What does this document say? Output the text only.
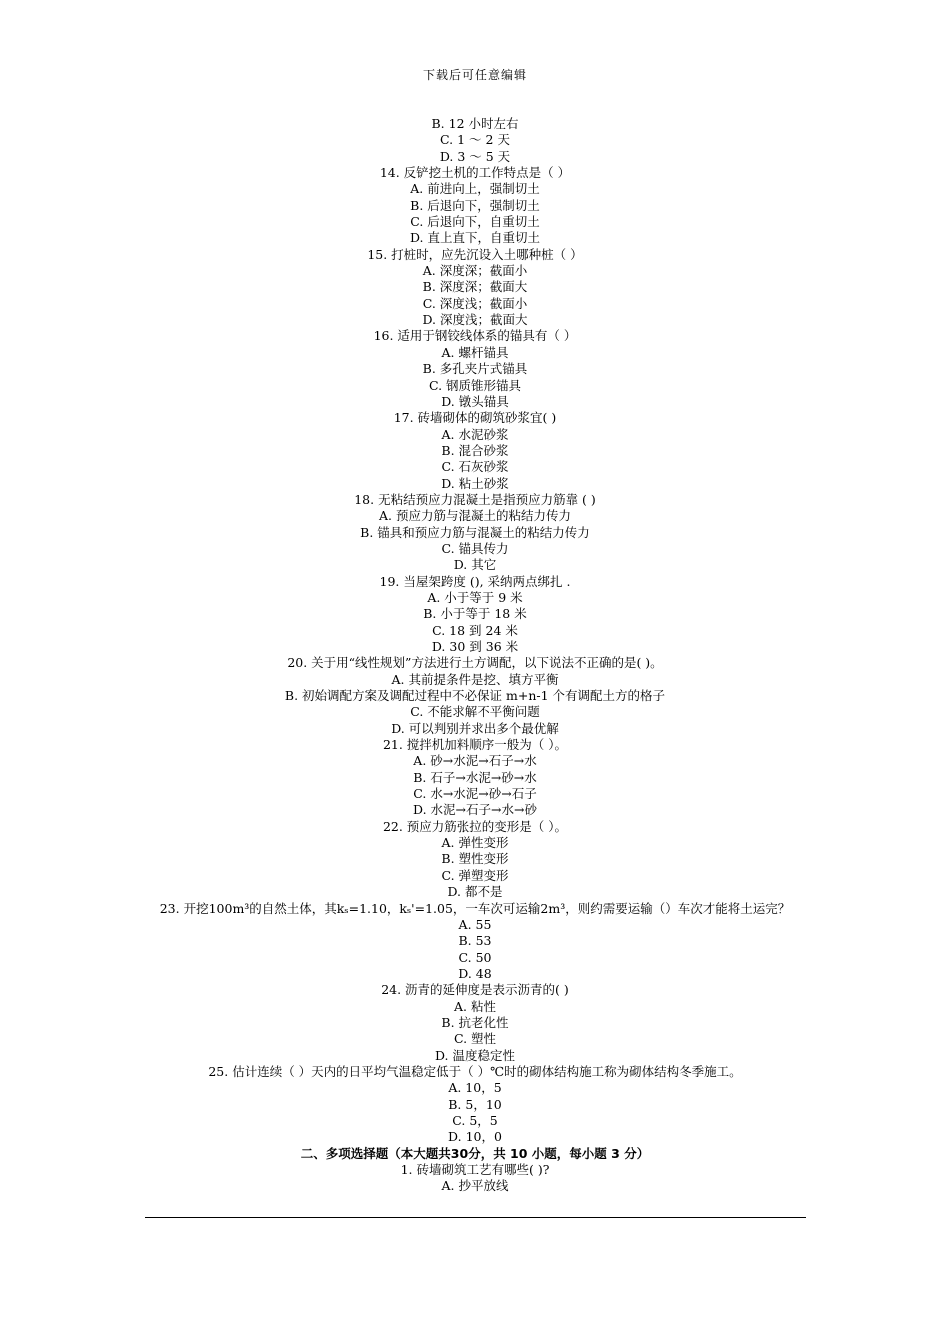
下载后可任意编辑
B. 12 小时左右
C. 1 ～ 2 天
D. 3 ～ 5 天
14. 反铲挖土机的工作特点是（ ）
A. 前进向上，强制切土
B. 后退向下，强制切土
C. 后退向下，自重切土
D. 直上直下，自重切土
15. 打桩时，应先沉设入土哪种桩（ ）
A. 深度深；截面小
B. 深度深；截面大
C. 深度浅；截面小
D. 深度浅；截面大
16. 适用于钢铰线体系的锚具有（ ）
A. 螺杆锚具
B. 多孔夹片式锚具
C. 钢质锥形锚具
D. 镦头锚具
17. 砖墙砌体的砌筑砂浆宜( )
A. 水泥砂浆
B. 混合砂浆
C. 石灰砂浆
D. 粘土砂浆
18. 无粘结预应力混凝土是指预应力筋靠 ( )
A. 预应力筋与混凝土的粘结力传力
B. 锚具和预应力筋与混凝土的粘结力传力
C. 锚具传力
D. 其它
19. 当屋架跨度 (), 采纳两点绑扎 .
A. 小于等于 9 米
B. 小于等于 18 米
C. 18 到 24 米
D. 30 到 36 米
20. 关于用“线性规划”方法进行土方调配，以下说法不正确的是( )。
A. 其前提条件是挖、填方平衡
B. 初始调配方案及调配过程中不必保证 m+n-1 个有调配土方的格子
C. 不能求解不平衡问题
D. 可以判别并求出多个最优解
21. 搅拌机加料顺序一般为（ ）。
A. 砂→水泥→石子→水
B. 石子→水泥→砂→水
C. 水→水泥→砂→石子
D. 水泥→石子→水→砂
22. 预应力筋张拉的变形是（ ）。
A. 弹性变形
B. 塑性变形
C. 弹塑变形
D. 都不是
23. 开挖100m³的自然土体，其kₛ=1.10，kₛ'=1.05，一车次可运输2m³，则约需要运输（）车次才能将土运完？
A. 55
B. 53
C. 50
D. 48
24. 沥青的延伸度是表示沥青的( )
A. 粘性
B. 抗老化性
C. 塑性
D. 温度稳定性
25. 估计连续（ ）天内的日平均气温稳定低于（ ）℃时的砌体结构施工称为砌体结构冬季施工。
A. 10，5
B. 5，10
C. 5，5
D. 10，0
二、多项选择题（本大题共30分，共 10 小题，每小题 3 分）
1. 砖墙砌筑工艺有哪些( )?
A. 抄平放线
